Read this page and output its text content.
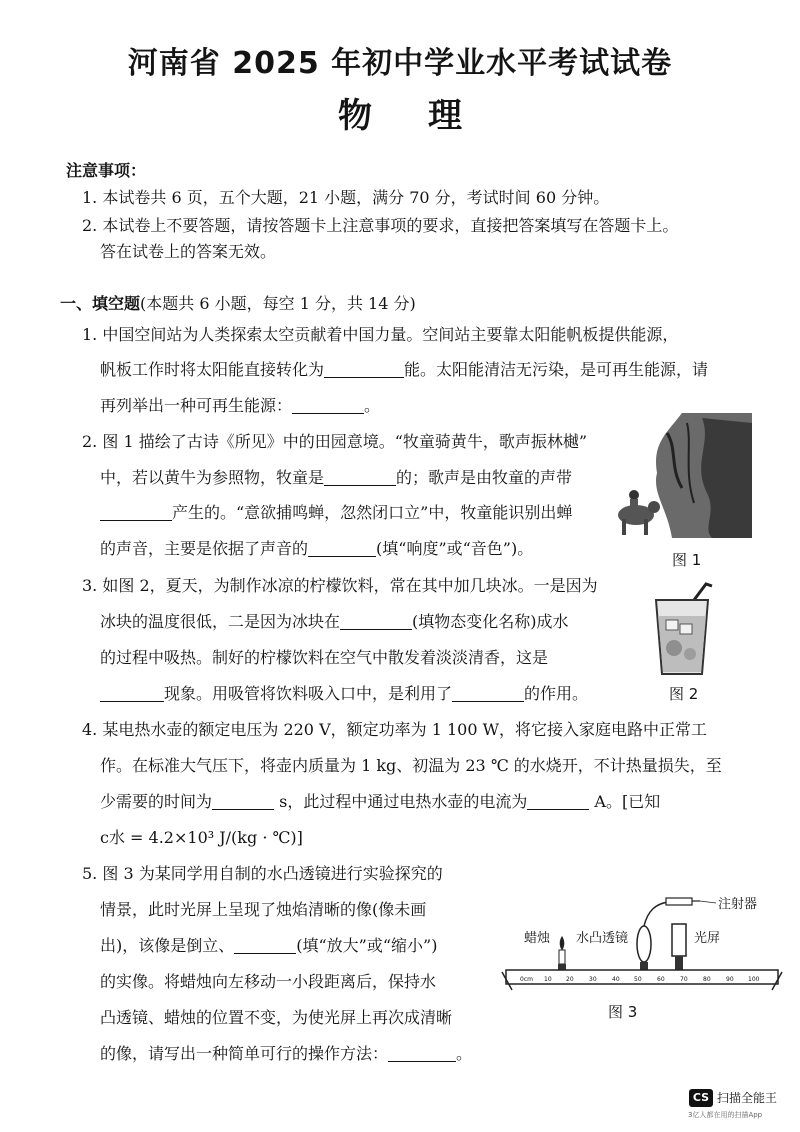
河南省 2025 年初中学业水平考试试卷
物理
注意事项：
1. 本试卷共 6 页，五个大题，21 小题，满分 70 分，考试时间 60 分钟。
2. 本试卷上不要答题，请按答题卡上注意事项的要求，直接把答案填写在答题卡上。
答在试卷上的答案无效。
一、填空题(本题共 6 小题，每空 1 分，共 14 分)
1. 中国空间站为人类探索太空贡献着中国力量。空间站主要靠太阳能帆板提供能源，
帆板工作时将太阳能直接转化为	能。太阳能清洁无污染，是可再生能源，请
再列举出一种可再生能源：	。
2. 图 1 描绘了古诗《所见》中的田园意境。“牧童骑黄牛，歌声振林樾”
中，若以黄牛为参照物，牧童是	的；歌声是由牧童的声带
产生的。“意欲捕鸣蝉，忽然闭口立”中，牧童能识别出蝉
的声音，主要是依据了声音的	(填“响度”或“音色”)。
图 1
3. 如图 2，夏天，为制作冰凉的柠檬饮料，常在其中加几块冰。一是因为
冰块的温度很低，二是因为冰块在	(填物态变化名称)成水
的过程中吸热。制好的柠檬饮料在空气中散发着淡淡清香，这是
现象。用吸管将饮料吸入口中，是利用了	的作用。	图 2
4. 某电热水壶的额定电压为 220 V，额定功率为 1 100 W，将它接入家庭电路中正常工
作。在标准大气压下，将壶内质量为 1 kg、初温为 23 ℃ 的水烧开，不计热量损失，至
少需要的时间为	s，此过程中通过电热水壶的电流为	A。[已知
c水 = 4.2×10³ J/(kg · ℃)]
5. 图 3 为某同学用自制的水凸透镜进行实验探究的
情景，此时光屏上呈现了烛焰清晰的像(像未画
出)，该像是倒立、	(填“放大”或“缩小”)
的实像。将蜡烛向左移动一小段距离后，保持水
凸透镜、蜡烛的位置不变，为使光屏上再次成清晰
的像，请写出一种简单可行的操作方法：	。
注射器
蜡烛 水凸透镜	光屏
0cm 10 20	30	40 50	60	70	80	90 100
图 3
CS 扫描全能王
3亿人都在用的扫描App
